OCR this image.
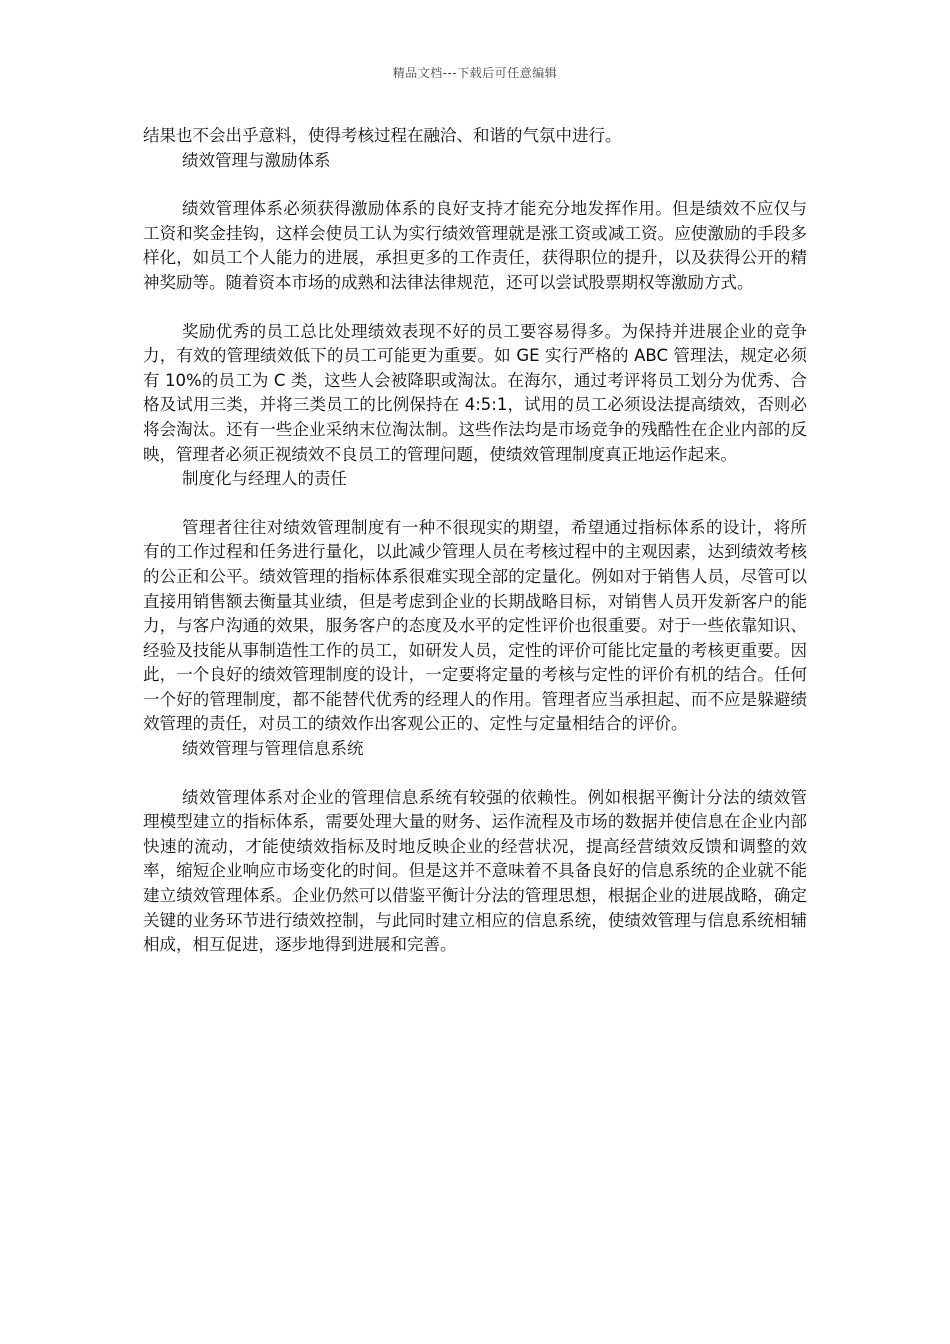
精品文档---下载后可任意编辑

结果也不会出乎意料，使得考核过程在融洽、和谐的气氛中进行。

绩效管理与激励体系

绩效管理体系必须获得激励体系的良好支持才能充分地发挥作用。但是绩效不应仅与工资和奖金挂钩，这样会使员工认为实行绩效管理就是涨工资或减工资。应使激励的手段多样化，如员工个人能力的进展，承担更多的工作责任，获得职位的提升，以及获得公开的精神奖励等。随着资本市场的成熟和法律法律规范，还可以尝试股票期权等激励方式。

奖励优秀的员工总比处理绩效表现不好的员工要容易得多。为保持并进展企业的竞争力，有效的管理绩效低下的员工可能更为重要。如 GE 实行严格的 ABC 管理法，规定必须有 10%的员工为 C 类，这些人会被降职或淘汰。在海尔，通过考评将员工划分为优秀、合格及试用三类，并将三类员工的比例保持在 4:5:1，试用的员工必须设法提高绩效，否则必将会淘汰。还有一些企业采纳末位淘汰制。这些作法均是市场竞争的残酷性在企业内部的反映，管理者必须正视绩效不良员工的管理问题，使绩效管理制度真正地运作起来。

制度化与经理人的责任

管理者往往对绩效管理制度有一种不很现实的期望，希望通过指标体系的设计，将所有的工作过程和任务进行量化，以此减少管理人员在考核过程中的主观因素，达到绩效考核的公正和公平。绩效管理的指标体系很难实现全部的定量化。例如对于销售人员，尽管可以直接用销售额去衡量其业绩，但是考虑到企业的长期战略目标，对销售人员开发新客户的能力，与客户沟通的效果，服务客户的态度及水平的定性评价也很重要。对于一些依靠知识、经验及技能从事制造性工作的员工，如研发人员，定性的评价可能比定量的考核更重要。因此，一个良好的绩效管理制度的设计，一定要将定量的考核与定性的评价有机的结合。任何一个好的管理制度，都不能替代优秀的经理人的作用。管理者应当承担起、而不应是躲避绩效管理的责任，对员工的绩效作出客观公正的、定性与定量相结合的评价。

绩效管理与管理信息系统

绩效管理体系对企业的管理信息系统有较强的依赖性。例如根据平衡计分法的绩效管理模型建立的指标体系，需要处理大量的财务、运作流程及市场的数据并使信息在企业内部快速的流动，才能使绩效指标及时地反映企业的经营状况，提高经营绩效反馈和调整的效率，缩短企业响应市场变化的时间。但是这并不意味着不具备良好的信息系统的企业就不能建立绩效管理体系。企业仍然可以借鉴平衡计分法的管理思想，根据企业的进展战略，确定关键的业务环节进行绩效控制，与此同时建立相应的信息系统，使绩效管理与信息系统相辅相成，相互促进，逐步地得到进展和完善。
